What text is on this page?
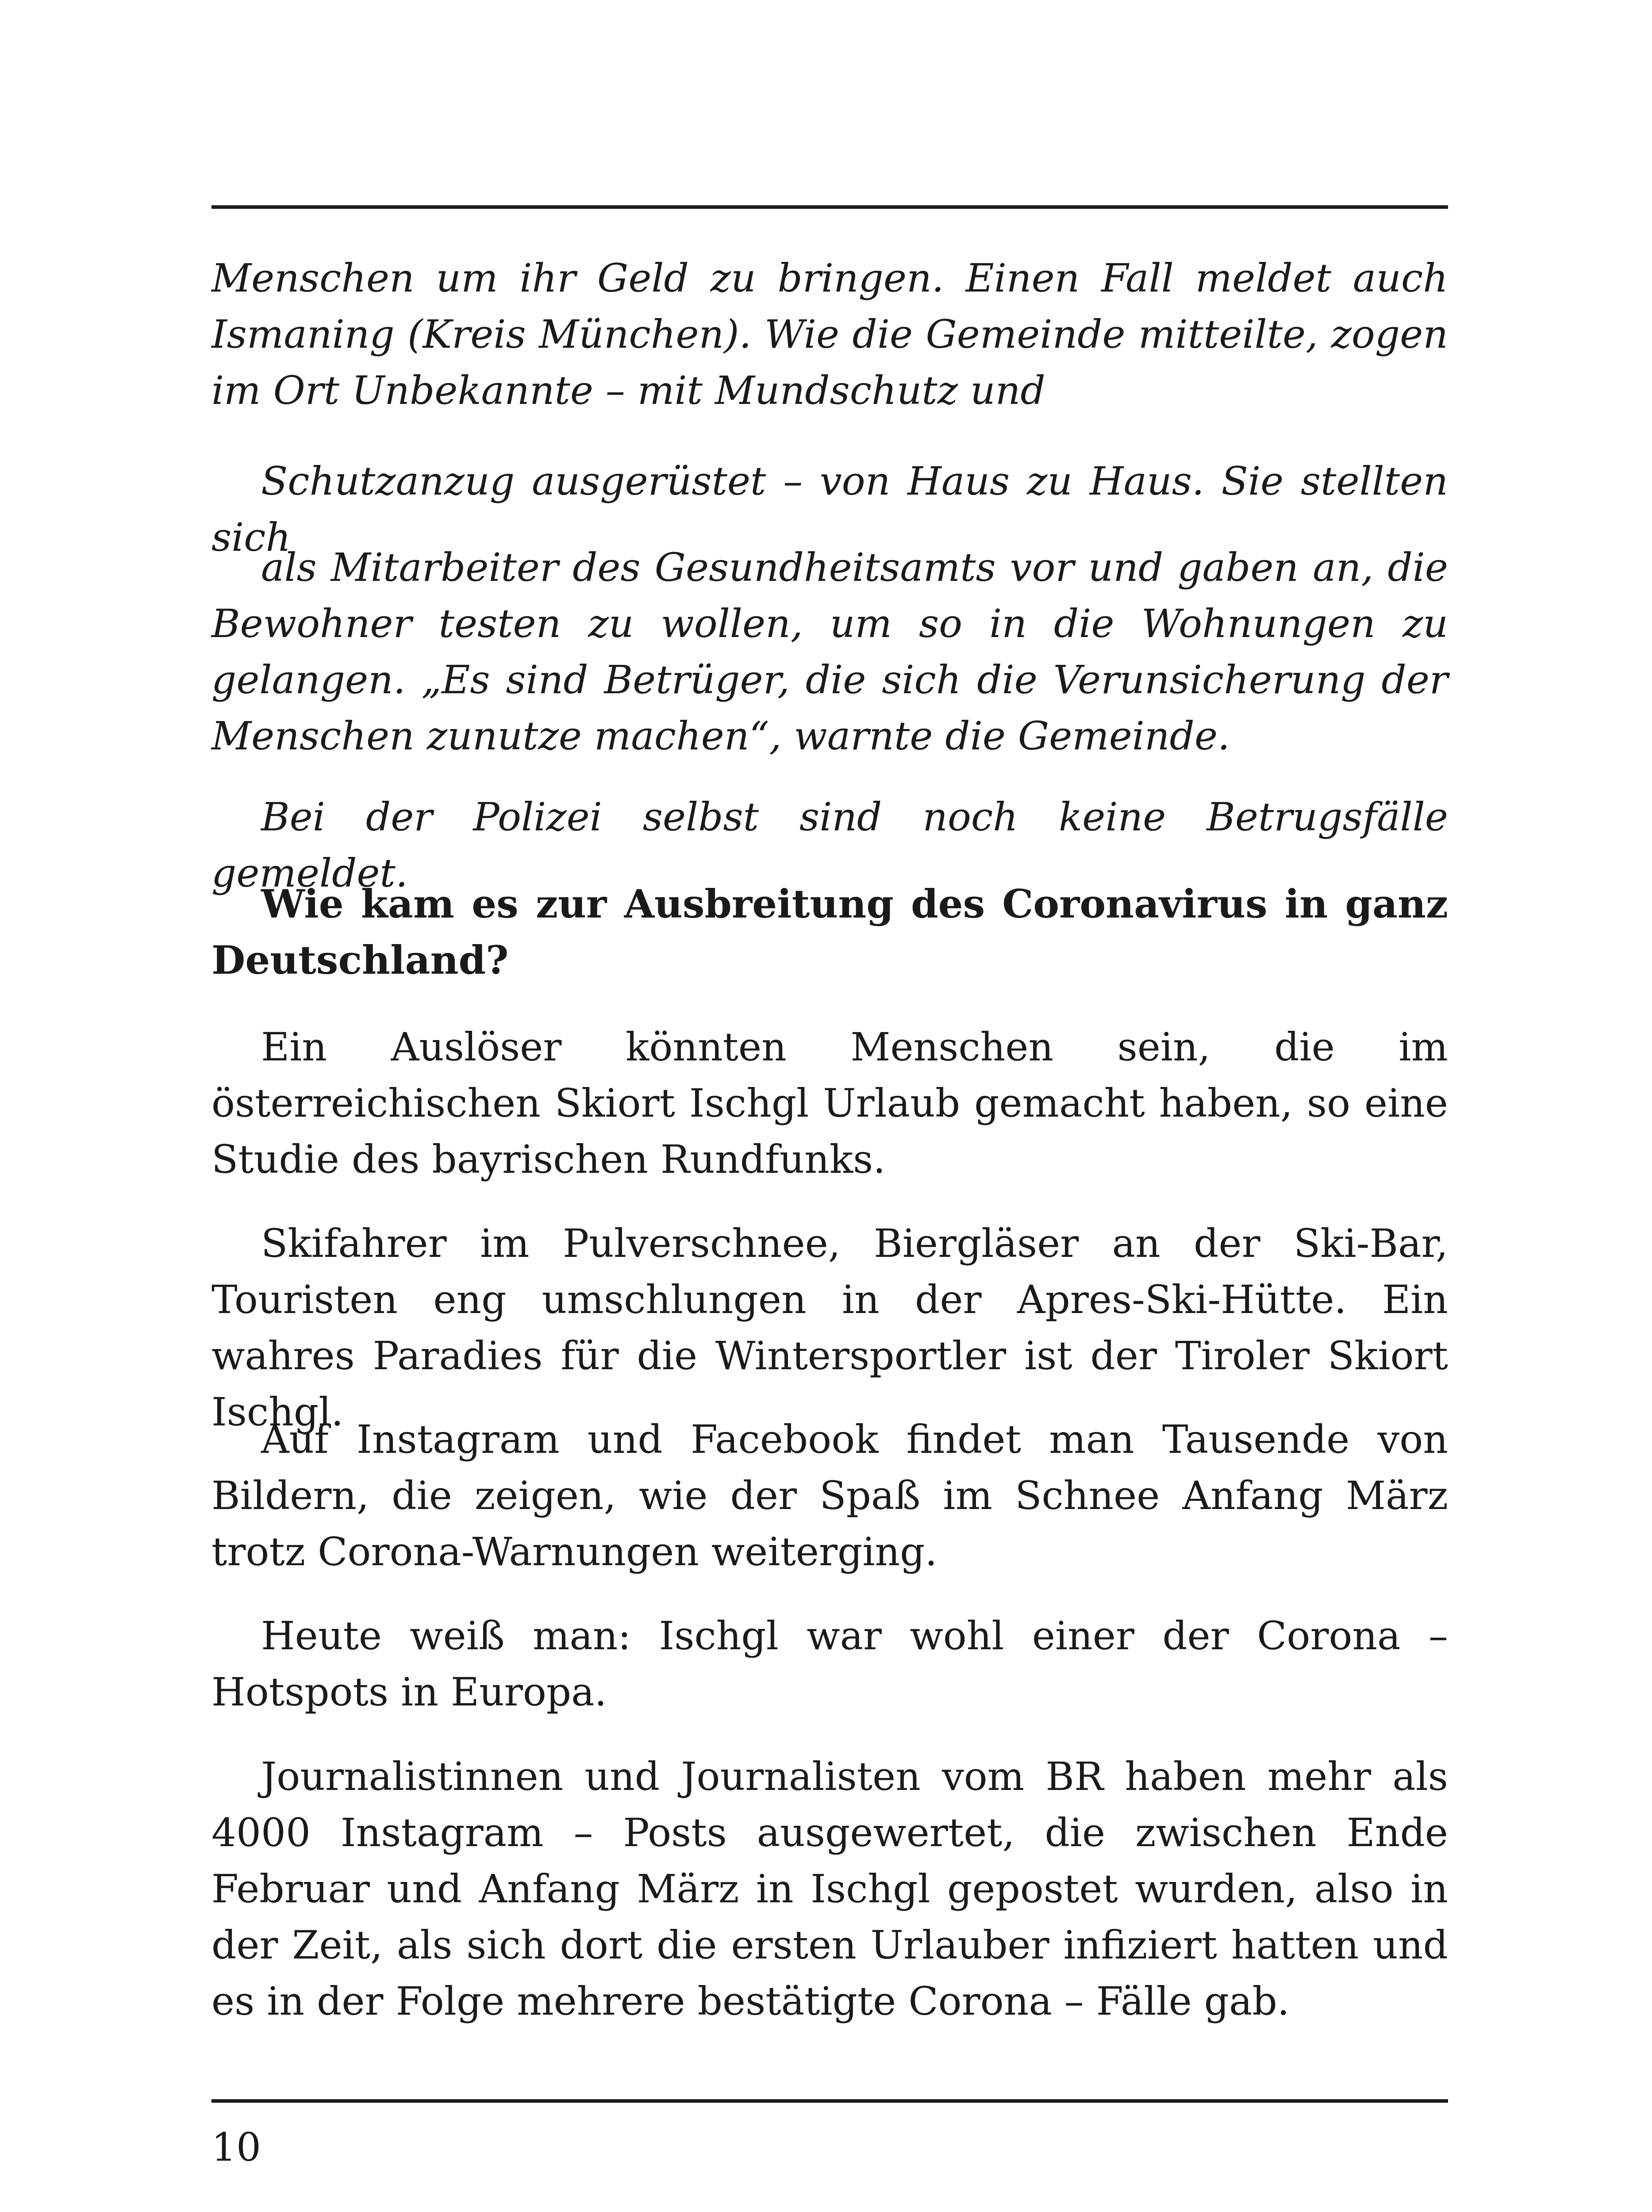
Menschen um ihr Geld zu bringen. Einen Fall meldet auch Ismaning (Kreis München). Wie die Gemeinde mitteilte, zogen im Ort Unbekannte – mit Mundschutz und

Schutzanzug ausgerüstet – von Haus zu Haus. Sie stellten sich

als Mitarbeiter des Gesundheitsamts vor und gaben an, die Bewohner testen zu wollen, um so in die Wohnungen zu gelangen. „Es sind Betrüger, die sich die Verunsicherung der Menschen zunutze machen“, warnte die Gemeinde.

Bei der Polizei selbst sind noch keine Betrugsfälle gemeldet.

Wie kam es zur Ausbreitung des Coronavirus in ganz Deutschland?

Ein Auslöser könnten Menschen sein, die im österreichischen Skiort Ischgl Urlaub gemacht haben, so eine Studie des bayrischen Rundfunks.

Skifahrer im Pulverschnee, Biergläser an der Ski-Bar, Touristen eng umschlungen in der Apres-Ski-Hütte. Ein wahres Paradies für die Wintersportler ist der Tiroler Skiort Ischgl.

Auf Instagram und Facebook findet man Tausende von Bildern, die zeigen, wie der Spaß im Schnee Anfang März trotz Corona-Warnungen weiterging.

Heute weiß man: Ischgl war wohl einer der Corona – Hotspots in Europa.

Journalistinnen und Journalisten vom BR haben mehr als 4000 Instagram – Posts ausgewertet, die zwischen Ende Februar und Anfang März in Ischgl gepostet wurden, also in der Zeit, als sich dort die ersten Urlauber infiziert hatten und es in der Folge mehrere bestätigte Corona – Fälle gab.

10
